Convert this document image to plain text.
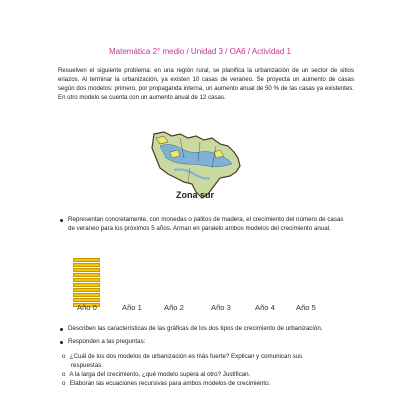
Matemática 2° medio / Unidad 3 / OA6 / Actividad 1
Resuelven el siguiente problema: en una región rural, se planifica la urbanización de un sector de sitios eriazos. Al terminar la urbanización, ya existen 10 casas de veraneo. Se proyecta un aumento de casas según dos modelos: primero, por propaganda interna, un aumento anual de 50 % de las casas ya existentes. En otro modelo se cuenta con un aumento anual de 12 casas.
Zona sur
Representan concretamente, con monedas o palitos de madera, el crecimiento del número de casas de veraneo para los próximos 5 años. Arman en paralelo ambos modelos del crecimiento anual.
Año 0	Año 1	Año 2	Año 3	Año 4	Año 5
Describen las características de las gráficas de los dos tipos de crecimiento de urbanización.
Responden a las preguntas:
o ¿Cuál de los dos modelos de urbanización es más fuerte? Explican y comunican sus
respuestas.
o A la larga del crecimiento, ¿qué modelo supera al otro? Justifican.
o Elaboran las ecuaciones recursivas para ambos modelos de crecimiento.
